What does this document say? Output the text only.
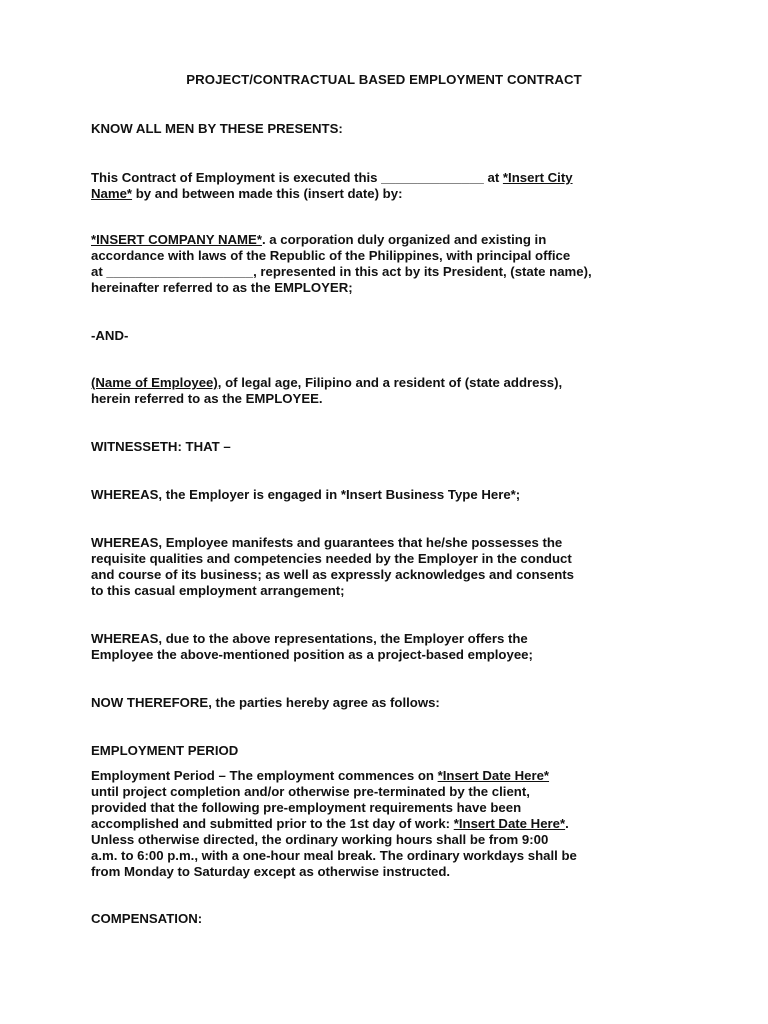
PROJECT/CONTRACTUAL BASED EMPLOYMENT CONTRACT
KNOW ALL MEN BY THESE PRESENTS:
This Contract of Employment is executed this ______________ at *Insert City
Name* by and between made this (insert date) by:
*INSERT COMPANY NAME*. a corporation duly organized and existing in
accordance with laws of the Republic of the Philippines, with principal office
at ____________________, represented in this act by its President, (state name),
hereinafter referred to as the EMPLOYER;
-AND-
(Name of Employee), of legal age, Filipino and a resident of (state address),
herein referred to as the EMPLOYEE.
WITNESSETH: THAT –
WHEREAS, the Employer is engaged in *Insert Business Type Here*;
WHEREAS, Employee manifests and guarantees that he/she possesses the
requisite qualities and competencies needed by the Employer in the conduct
and course of its business; as well as expressly acknowledges and consents
to this casual employment arrangement;
WHEREAS, due to the above representations, the Employer offers the
Employee the above-mentioned position as a project-based employee;
NOW THEREFORE, the parties hereby agree as follows:
EMPLOYMENT PERIOD
Employment Period – The employment commences on *Insert Date Here*
until project completion and/or otherwise pre-terminated by the client,
provided that the following pre-employment requirements have been
accomplished and submitted prior to the 1st day of work: *Insert Date Here*.
Unless otherwise directed, the ordinary working hours shall be from 9:00
a.m. to 6:00 p.m., with a one-hour meal break. The ordinary workdays shall be
from Monday to Saturday except as otherwise instructed.
COMPENSATION:
